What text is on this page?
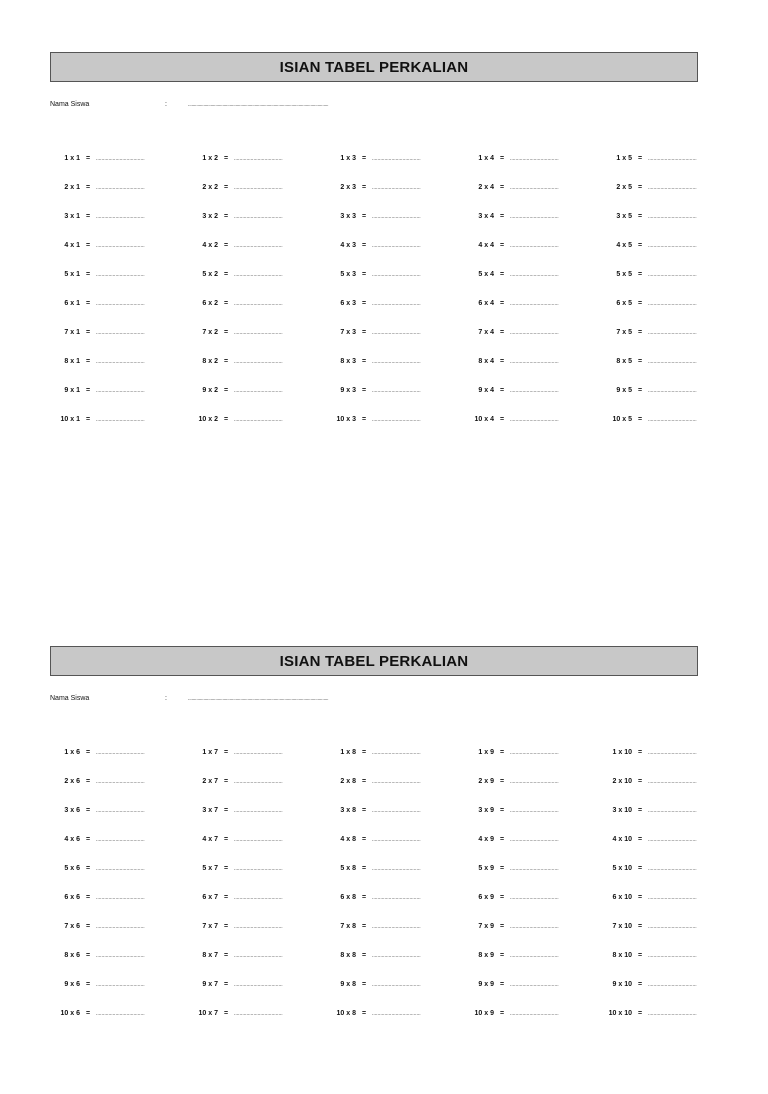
ISIAN TABEL PERKALIAN
Nama Siswa	:	......................................................................................................................
1 x 1 = ...................................
2 x 1 = ...................................
3 x 1 = ...................................
4 x 1 = ...................................
5 x 1 = ...................................
6 x 1 = ...................................
7 x 1 = ...................................
8 x 1 = ...................................
9 x 1 = ...................................
10 x 1 = ...................................
1 x 2 = ...................................
2 x 2 = ...................................
3 x 2 = ...................................
4 x 2 = ...................................
5 x 2 = ...................................
6 x 2 = ...................................
7 x 2 = ...................................
8 x 2 = ...................................
9 x 2 = ...................................
10 x 2 = ...................................
1 x 3 = ...................................
2 x 3 = ...................................
3 x 3 = ...................................
4 x 3 = ...................................
5 x 3 = ...................................
6 x 3 = ...................................
7 x 3 = ...................................
8 x 3 = ...................................
9 x 3 = ...................................
10 x 3 = ...................................
1 x 4 = ...................................
2 x 4 = ...................................
3 x 4 = ...................................
4 x 4 = ...................................
5 x 4 = ...................................
6 x 4 = ...................................
7 x 4 = ...................................
8 x 4 = ...................................
9 x 4 = ...................................
10 x 4 = ...................................
1 x 5 = ...................................
2 x 5 = ...................................
3 x 5 = ...................................
4 x 5 = ...................................
5 x 5 = ...................................
6 x 5 = ...................................
7 x 5 = ...................................
8 x 5 = ...................................
9 x 5 = ...................................
10 x 5 = ...................................
ISIAN TABEL PERKALIAN
Nama Siswa	:	......................................................................................................................
1 x 6 = ...................................
2 x 6 = ...................................
3 x 6 = ...................................
4 x 6 = ...................................
5 x 6 = ...................................
6 x 6 = ...................................
7 x 6 = ...................................
8 x 6 = ...................................
9 x 6 = ...................................
10 x 6 = ...................................
1 x 7 = ...................................
2 x 7 = ...................................
3 x 7 = ...................................
4 x 7 = ...................................
5 x 7 = ...................................
6 x 7 = ...................................
7 x 7 = ...................................
8 x 7 = ...................................
9 x 7 = ...................................
10 x 7 = ...................................
1 x 8 = ...................................
2 x 8 = ...................................
3 x 8 = ...................................
4 x 8 = ...................................
5 x 8 = ...................................
6 x 8 = ...................................
7 x 8 = ...................................
8 x 8 = ...................................
9 x 8 = ...................................
10 x 8 = ...................................
1 x 9 = ...................................
2 x 9 = ...................................
3 x 9 = ...................................
4 x 9 = ...................................
5 x 9 = ...................................
6 x 9 = ...................................
7 x 9 = ...................................
8 x 9 = ...................................
9 x 9 = ...................................
10 x 9 = ...................................
1 x 10 = ...................................
2 x 10 = ...................................
3 x 10 = ...................................
4 x 10 = ...................................
5 x 10 = ...................................
6 x 10 = ...................................
7 x 10 = ...................................
8 x 10 = ...................................
9 x 10 = ...................................
10 x 10 = ...................................
